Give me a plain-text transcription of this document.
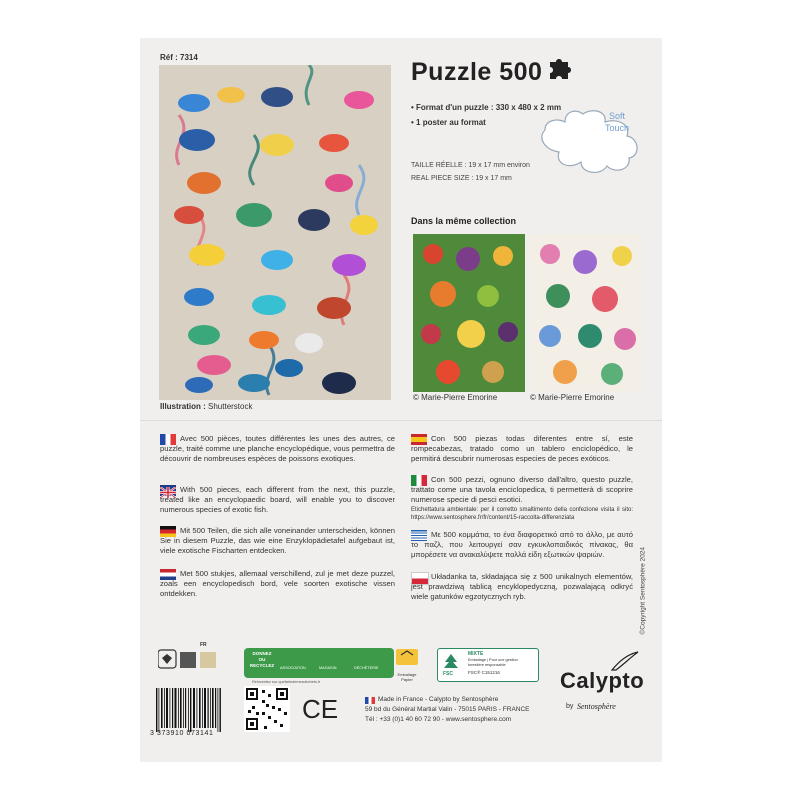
Réf : 7314
Illustration : Shutterstock
Puzzle 500
• Format d'un puzzle : 330 x 480 x 2 mm
• 1 poster au format
Soft
Touch
TAILLE RÉELLE : 19 x 17 mm environ
REAL PIECE SIZE : 19 x 17 mm
Dans la même collection
© Marie-Pierre Emorine	© Marie-Pierre Emorine
Avec 500 pièces, toutes différentes les unes des autres, ce puzzle, traité comme une planche encyclopédique, vous permettra de découvrir de nombreuses espèces de poissons exotiques.
With 500 pieces, each different from the next, this puzzle, treated like an encyclopaedic board, will enable you to discover numerous species of exotic fish.
Mit 500 Teilen, die sich alle voneinander unterscheiden, können Sie in diesem Puzzle, das wie eine Enzyklopädietafel aufgebaut ist, viele exotische Fischarten entdecken.
Met 500 stukjes, allemaal verschillend, zul je met deze puzzel, zoals een encyclopedisch bord, vele soorten exotische vissen ontdekken.
Con 500 piezas todas diferentes entre sí, este rompecabezas, tratado como un tablero enciclopédico, le permitirá descubrir numerosas especies de peces exóticos.
Con 500 pezzi, ognuno diverso dall'altro, questo puzzle, trattato come una tavola enciclopedica, ti permetterà di scoprire numerose specie di pesci esotici.
Etichettatura ambientale: per il corretto smaltimento della confezione visita il sito: https://www.sentosphere.fr/fr/content/15-raccolta-differenziata
Με 500 κομμάτια, το ένα διαφορετικό από το άλλο, με αυτό το παζλ, που λειτουργεί σαν εγκυκλοπαιδικός πίνακας, θα μπορέσετε να ανακαλύψετε πολλά είδη εξωτικών ψαριών.
Układanka ta, składająca się z 500 unikalnych elementów, jest prawdziwą tablicą encyklopedyczną, pozwalającą odkryć wiele gatunków egzotycznych ryb.	©Copyright Sentosphère 2024
FR
DONNEZ
OU
RECYCLEZ	ASSOCIATION	MAGASIN	DÉCHÈTERIE
Réinventez sur quefairedemesdechets.fr
Emballage
Papier
FSC
MIXTE
Emballage | Pour une gestion
forestière responsable
FSC® C151216
3 373910 073141
CE	Made in France - Calypto by Sentosphère
59 bd du Général Martial Valin - 75015 PARIS - FRANCE
Tél : +33 (0)1 40 60 72 90 - www.sentosphere.com
Calypto
by Sentosphère
